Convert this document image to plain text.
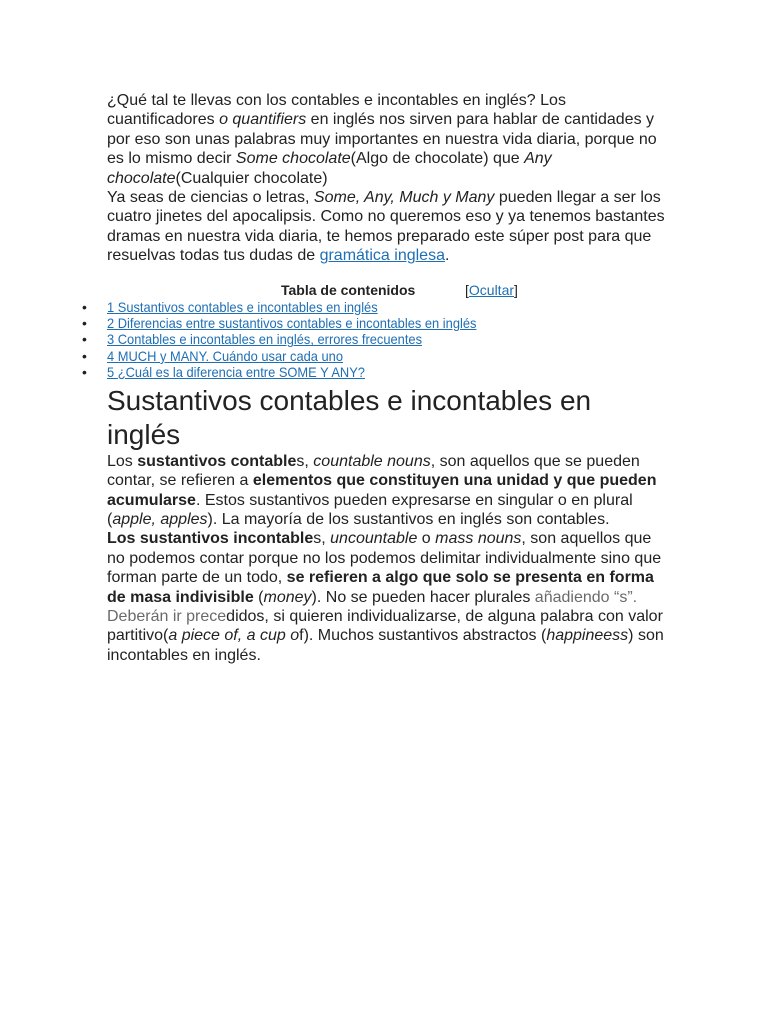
¿Qué tal te llevas con los contables e incontables en inglés? Los cuantificadores o quantifiers en inglés nos sirven para hablar de cantidades y por eso son unas palabras muy importantes en nuestra vida diaria, porque no es lo mismo decir Some chocolate(Algo de chocolate) que Any chocolate(Cualquier chocolate)

Ya seas de ciencias o letras, Some, Any, Much y Many pueden llegar a ser los cuatro jinetes del apocalipsis. Como no queremos eso y ya tenemos bastantes dramas en nuestra vida diaria, te hemos preparado este súper post para que resuelvas todas tus dudas de gramática inglesa.

Tabla de contenidos	[Ocultar]
• 1 Sustantivos contables e incontables en inglés
• 2 Diferencias entre sustantivos contables e incontables en inglés
• 3 Contables e incontables en inglés, errores frecuentes
• 4 MUCH y MANY. Cuándo usar cada uno
• 5 ¿Cuál es la diferencia entre SOME Y ANY?
Sustantivos contables e incontables en inglés

Los sustantivos contables, countable nouns, son aquellos que se pueden contar, se refieren a elementos que constituyen una unidad y que pueden acumularse. Estos sustantivos pueden expresarse en singular o en plural (apple, apples). La mayoría de los sustantivos en inglés son contables.

Los sustantivos incontables, uncountable o mass nouns, son aquellos que no podemos contar porque no los podemos delimitar individualmente sino que forman parte de un todo, se refieren a algo que solo se presenta en forma de masa indivisible (money). No se pueden hacer plurales añadiendo “s”. Deberán ir precedidos, si quieren individualizarse, de alguna palabra con valor partitivo(a piece of, a cup of). Muchos sustantivos abstractos (happineess) son incontables en inglés.
